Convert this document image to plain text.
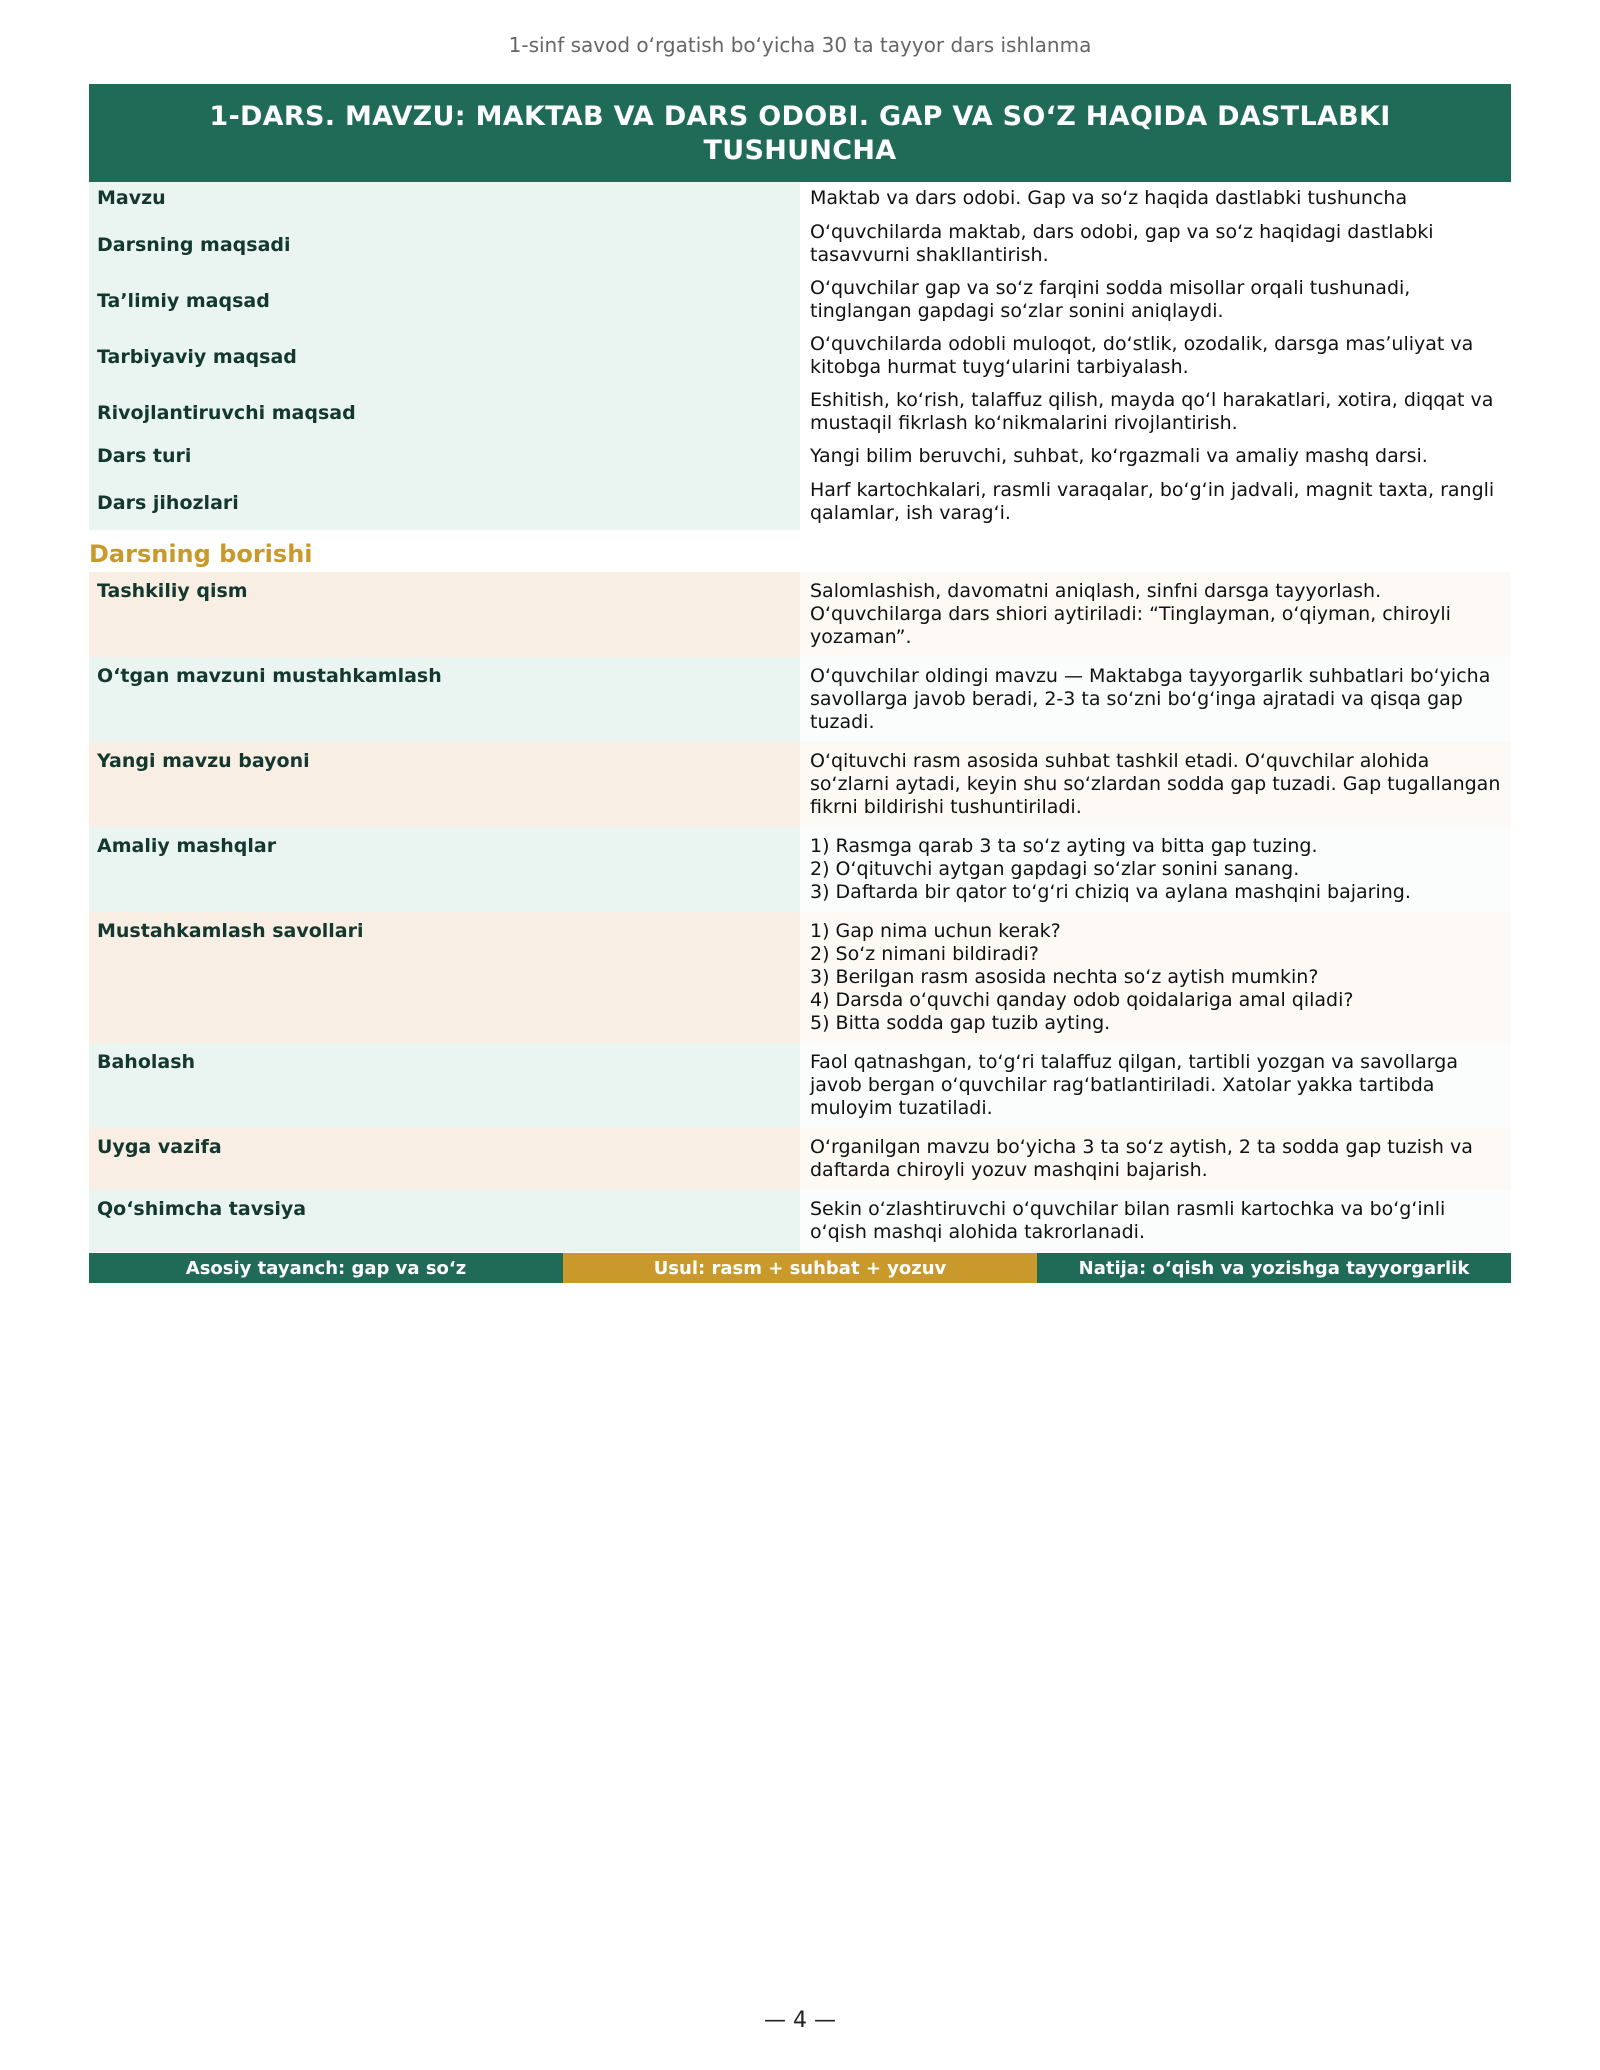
1-sinf savod oʻrgatish boʻyicha 30 ta tayyor dars ishlanma
1-DARS. MAVZU: MAKTAB VA DARS ODOBI. GAP VA SOʻZ HAQIDA DASTLABKI TUSHUNCHA
Mavzu	Maktab va dars odobi. Gap va soʻz haqida dastlabki tushuncha
Darsning maqsadi	Oʻquvchilarda maktab, dars odobi, gap va soʻz haqidagi dastlabki tasavvurni shakllantirish.
Taʼlimiy maqsad	Oʻquvchilar gap va soʻz farqini sodda misollar orqali tushunadi, tinglangan gapdagi soʻzlar sonini aniqlaydi.
Tarbiyaviy maqsad	Oʻquvchilarda odobli muloqot, doʻstlik, ozodalik, darsga masʼuliyat va kitobga hurmat tuygʻularini tarbiyalash.
Rivojlantiruvchi maqsad	Eshitish, koʻrish, talaffuz qilish, mayda qoʻl harakatlari, xotira, diqqat va mustaqil fikrlash koʻnikmalarini rivojlantirish.
Dars turi	Yangi bilim beruvchi, suhbat, koʻrgazmali va amaliy mashq darsi.
Dars jihozlari	Harf kartochkalari, rasmli varaqalar, boʻgʻin jadvali, magnit taxta, rangli qalamlar, ish varagʻi.
Darsning borishi
Tashkiliy qism	Salomlashish, davomatni aniqlash, sinfni darsga tayyorlash. Oʻquvchilarga dars shiori aytiriladi: “Tinglayman, oʻqiyman, chiroyli yozaman”.

Oʻtgan mavzuni mustahkamlash	Oʻquvchilar oldingi mavzu — Maktabga tayyorgarlik suhbatlari boʻyicha savollarga javob beradi, 2-3 ta soʻzni boʻgʻinga ajratadi va qisqa gap tuzadi.

Yangi mavzu bayoni	Oʻqituvchi rasm asosida suhbat tashkil etadi. Oʻquvchilar alohida soʻzlarni aytadi, keyin shu soʻzlardan sodda gap tuzadi. Gap tugallangan fikrni bildirishi tushuntiriladi.

Amaliy mashqlar	1) Rasmga qarab 3 ta soʻz ayting va bitta gap tuzing.
2) Oʻqituvchi aytgan gapdagi soʻzlar sonini sanang.
3) Daftarda bir qator toʻgʻri chiziq va aylana mashqini bajaring.

Mustahkamlash savollari	1) Gap nima uchun kerak?
2) Soʻz nimani bildiradi?
3) Berilgan rasm asosida nechta soʻz aytish mumkin?
4) Darsda oʻquvchi qanday odob qoidalariga amal qiladi?
5) Bitta sodda gap tuzib ayting.

Baholash	Faol qatnashgan, toʻgʻri talaffuz qilgan, tartibli yozgan va savollarga javob bergan oʻquvchilar ragʻbatlantiriladi. Xatolar yakka tartibda muloyim tuzatiladi.

Uyga vazifa	Oʻrganilgan mavzu boʻyicha 3 ta soʻz aytish, 2 ta sodda gap tuzish va daftarda chiroyli yozuv mashqini bajarish.

Qoʻshimcha tavsiya	Sekin oʻzlashtiruvchi oʻquvchilar bilan rasmli kartochka va boʻgʻinli oʻqish mashqi alohida takrorlanadi.
Asosiy tayanch: gap va soʻz	Usul: rasm + suhbat + yozuv	Natija: oʻqish va yozishga tayyorgarlik
— 4 —
